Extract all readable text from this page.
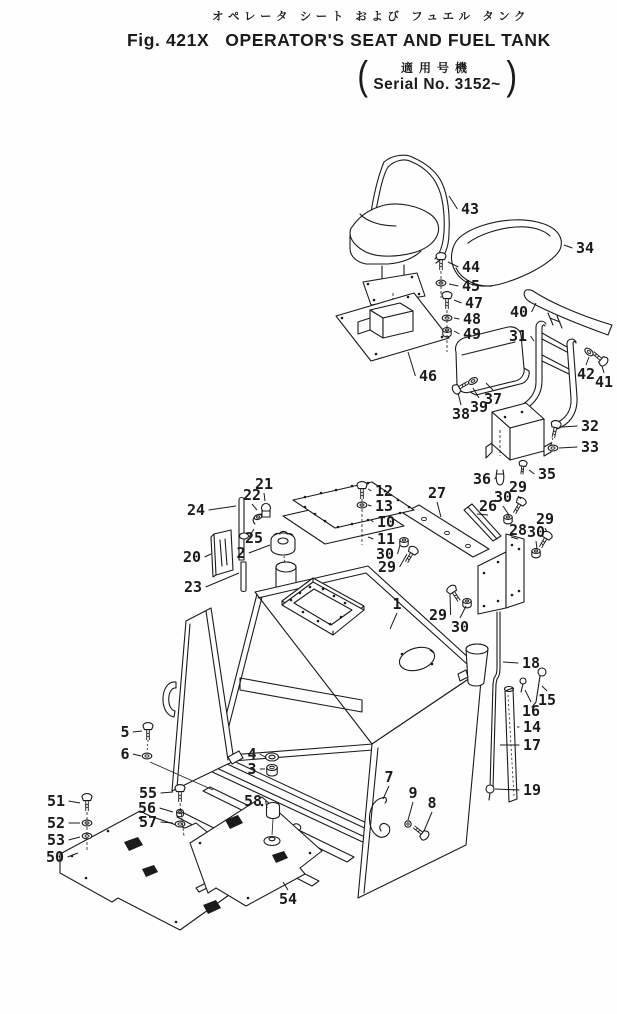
オペレータ シート および フュエル タンク
Fig. 421X OPERATOR'S SEAT AND FUEL TANK
(	適用号機
Serial No. 3152~ )
43
34
44
45
47
48
49
40
31
42 41
46
37
38 39
32
33
36	35
29
30
26
27
28
29
30
29
30
12
13
10
11
30
29
1
24
21
22
25
20
23
2
18
15
16
14
17
19
5
6	4
3
55
56
57
58
51
52
53
50
54
7
9
8
